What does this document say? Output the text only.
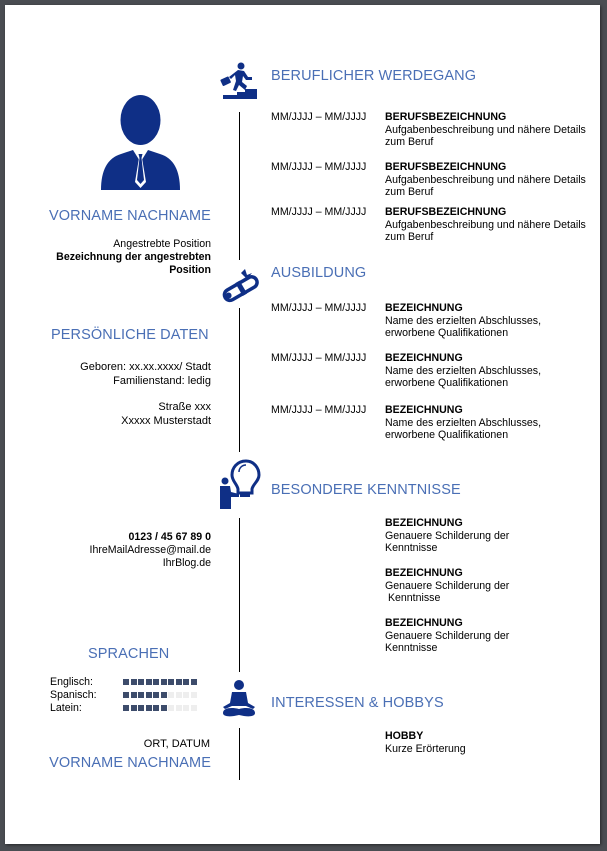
VORNAME NACHNAME
Angestrebte Position
Bezeichnung der angestrebten
Position
PERSÖNLICHE DATEN
Geboren: xx.xx.xxxx/ Stadt
Familienstand: ledig
Straße xxx
Xxxxx Musterstadt
0123 / 45 67 89 0
IhreMailAdresse@mail.de
IhrBlog.de
SPRACHEN
Englisch:
Spanisch:
Latein:
ORT, DATUM
VORNAME NACHNAME
BERUFLICHER WERDEGANG
MM/JJJJ – MM/JJJJ BERUFSBEZEICHNUNG
Aufgabenbeschreibung und nähere Details
zum Beruf
MM/JJJJ – MM/JJJJ BERUFSBEZEICHNUNG
Aufgabenbeschreibung und nähere Details
zum Beruf
MM/JJJJ – MM/JJJJ BERUFSBEZEICHNUNG
Aufgabenbeschreibung und nähere Details
zum Beruf
AUSBILDUNG
MM/JJJJ – MM/JJJJ BEZEICHNUNG
Name des erzielten Abschlusses,
erworbene Qualifikationen
MM/JJJJ – MM/JJJJ BEZEICHNUNG
Name des erzielten Abschlusses,
erworbene Qualifikationen
MM/JJJJ – MM/JJJJ BEZEICHNUNG
Name des erzielten Abschlusses,
erworbene Qualifikationen
BESONDERE KENNTNISSE
BEZEICHNUNG
Genauere Schilderung der
Kenntnisse
BEZEICHNUNG
Genauere Schilderung der
Kenntnisse
BEZEICHNUNG
Genauere Schilderung der
Kenntnisse
INTERESSEN & HOBBYS
HOBBY
Kurze Erörterung
